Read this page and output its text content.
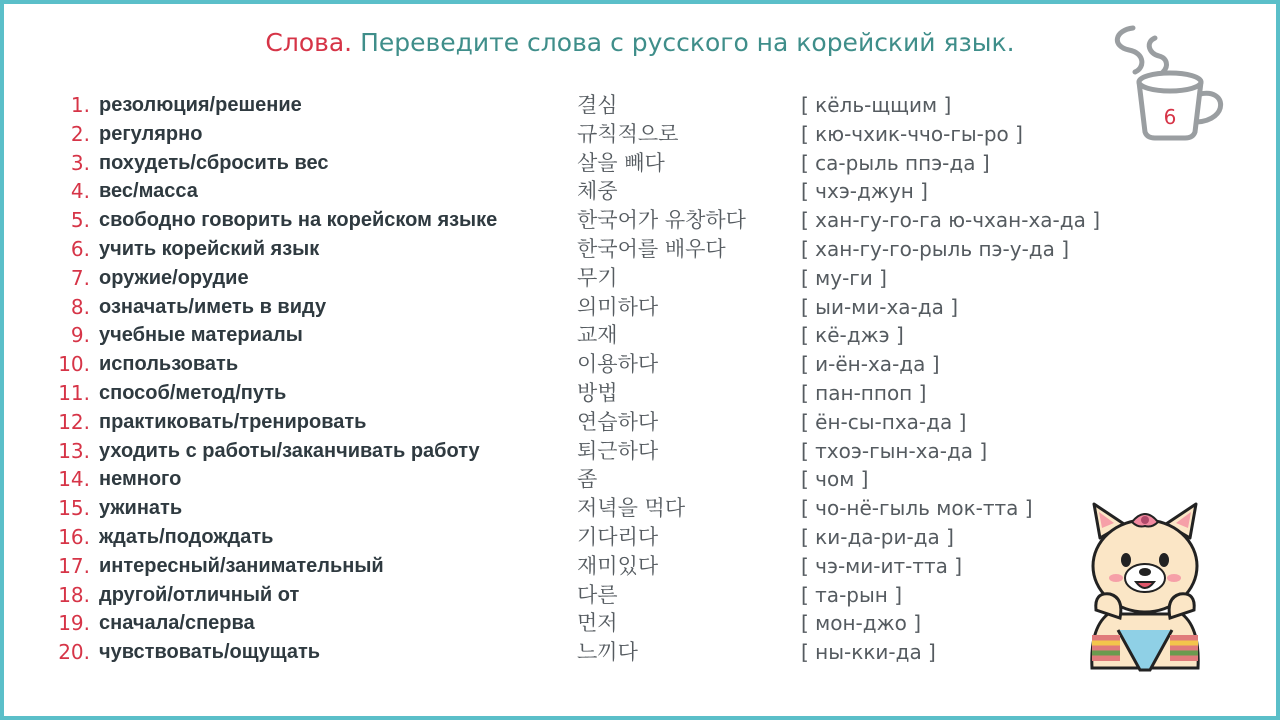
Слова. Переведите слова с русского на корейский язык.
1. резолюция/решение	결심	[ кёль-щщим ]
2. регулярно	규칙적으로	[ кю-чхик-ччо-гы-ро ]
3. похудеть/сбросить вес	살을 빼다	[ са-рыль ппэ-да ]
4. вес/масса	체중	[ чхэ-джун ]
5. свободно говорить на корейском языке	한국어가 유창하다	[ хан-гу-го-га ю-чхан-ха-да ]
6. учить корейский язык	한국어를 배우다	[ хан-гу-го-рыль пэ-у-да ]
7. оружие/орудие	무기	[ му-ги ]
8. означать/иметь в виду	의미하다	[ ыи-ми-ха-да ]
9. учебные материалы	교재	[ кё-джэ ]
10. использовать	이용하다	[ и-ён-ха-да ]
11. способ/метод/путь	방법	[ пан-ппоп ]
12. практиковать/тренировать	연습하다	[ ён-сы-пха-да ]
13. уходить с работы/заканчивать работу	퇴근하다	[ тхоэ-гын-ха-да ]
14. немного	좀	[ чом ]
15. ужинать	저녁을 먹다	[ чо-нё-гыль мок-тта ]
16. ждать/подождать	기다리다	[ ки-да-ри-да ]
17. интересный/занимательный	재미있다	[ чэ-ми-ит-тта ]
18. другой/отличный от	다른	[ та-рын ]
19. сначала/сперва	먼저	[ мон-джо ]
20. чувствовать/ощущать	느끼다	[ ны-кки-да ]
6
